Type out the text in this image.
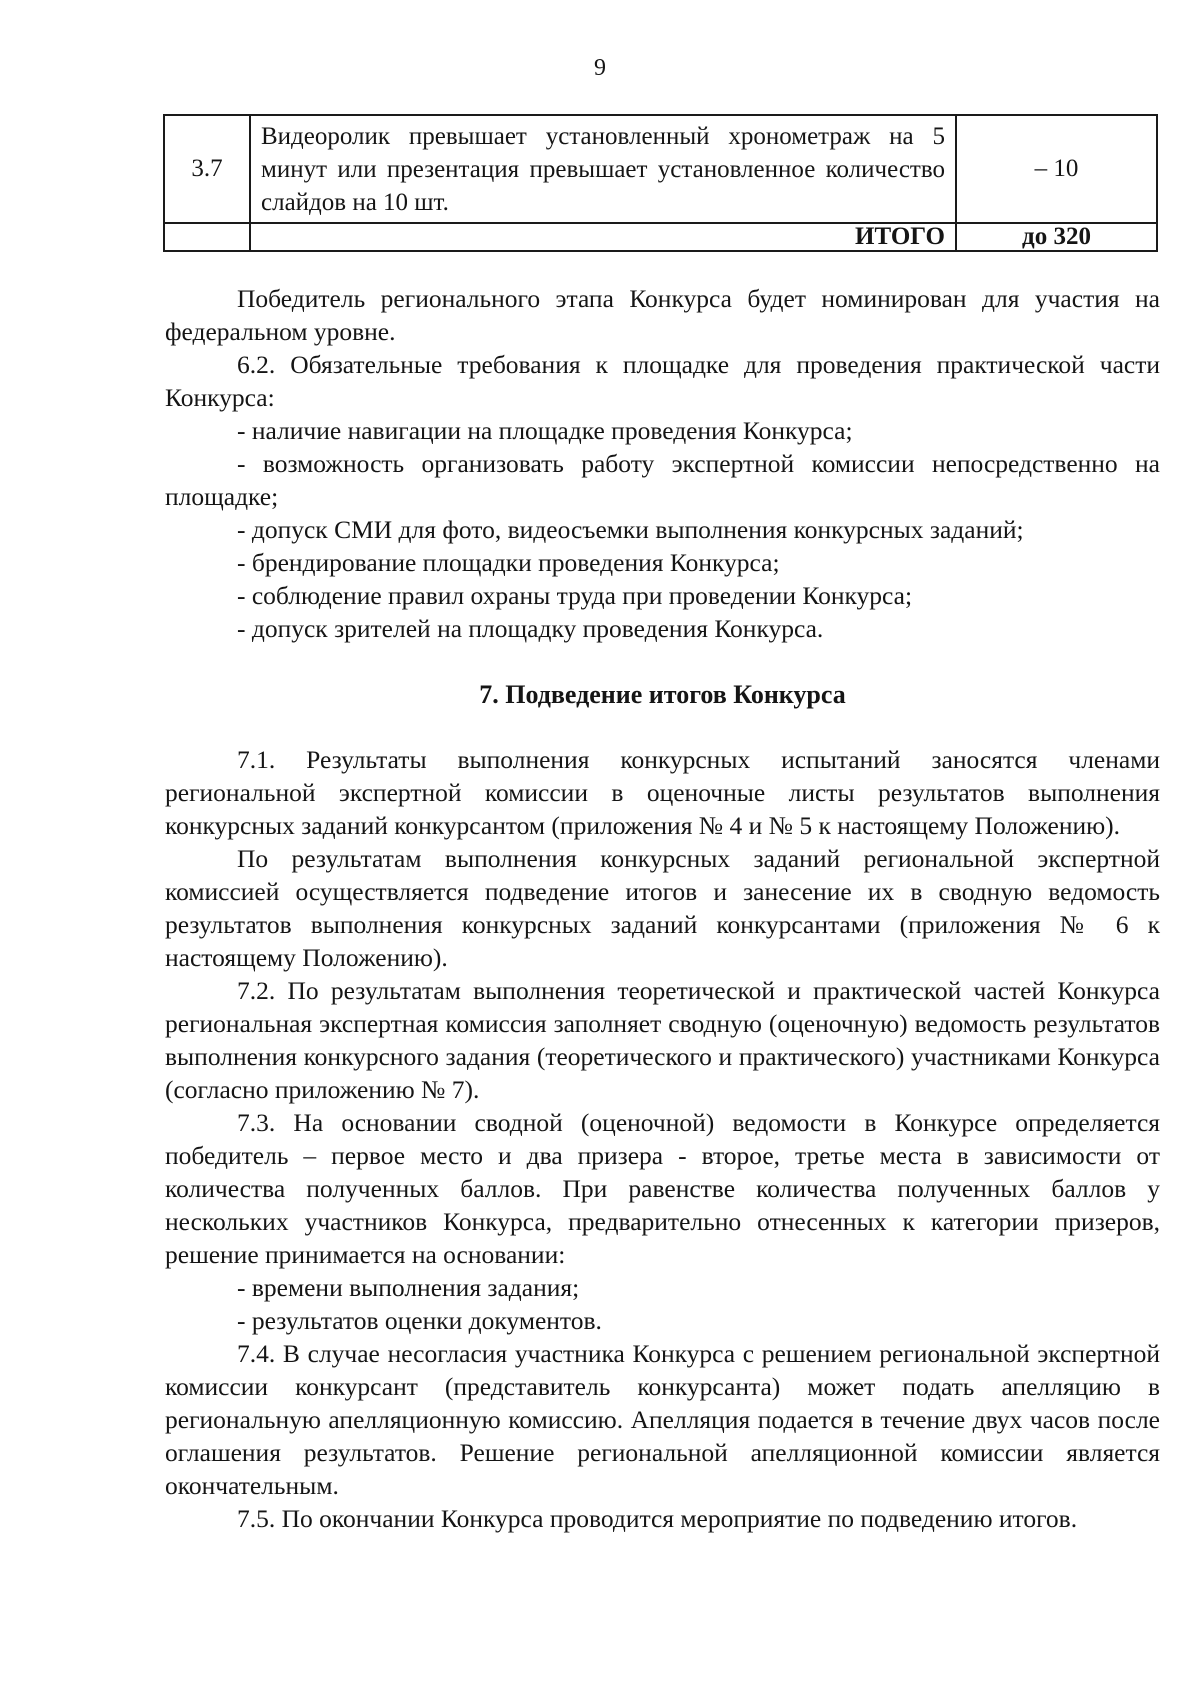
9
3.7	Видеоролик превышает установленный хронометраж на 5 минут или презентация превышает установленное количество слайдов на 10 шт.	– 10
	ИТОГО	до 320

Победитель регионального этапа Конкурса будет номинирован для участия на федеральном уровне.

6.2. Обязательные требования к площадке для проведения практической части Конкурса:

- наличие навигации на площадке проведения Конкурса;

- возможность организовать работу экспертной комиссии непосредственно на площадке;

- допуск СМИ для фото, видеосъемки выполнения конкурсных заданий;

- брендирование площадки проведения Конкурса;

- соблюдение правил охраны труда при проведении Конкурса;

- допуск зрителей на площадку проведения Конкурса.

7. Подведение итогов Конкурса

7.1. Результаты выполнения конкурсных испытаний заносятся членами региональной экспертной комиссии в оценочные листы результатов выполнения конкурсных заданий конкурсантом (приложения № 4 и № 5 к настоящему Положению).

По результатам выполнения конкурсных заданий региональной экспертной комиссией осуществляется подведение итогов и занесение их в сводную ведомость результатов выполнения конкурсных заданий конкурсантами (приложения № 6 к настоящему Положению).

7.2. По результатам выполнения теоретической и практической частей Конкурса региональная экспертная комиссия заполняет сводную (оценочную) ведомость результатов выполнения конкурсного задания (теоретического и практического) участниками Конкурса (согласно приложению № 7).

7.3. На основании сводной (оценочной) ведомости в Конкурсе определяется победитель – первое место и два призера - второе, третье места в зависимости от количества полученных баллов. При равенстве количества полученных баллов у нескольких участников Конкурса, предварительно отнесенных к категории призеров, решение принимается на основании:

- времени выполнения задания;

- результатов оценки документов.

7.4. В случае несогласия участника Конкурса с решением региональной экспертной комиссии конкурсант (представитель конкурсанта) может подать апелляцию в региональную апелляционную комиссию. Апелляция подается в течение двух часов после оглашения результатов. Решение региональной апелляционной комиссии является окончательным.

7.5. По окончании Конкурса проводится мероприятие по подведению итогов.
